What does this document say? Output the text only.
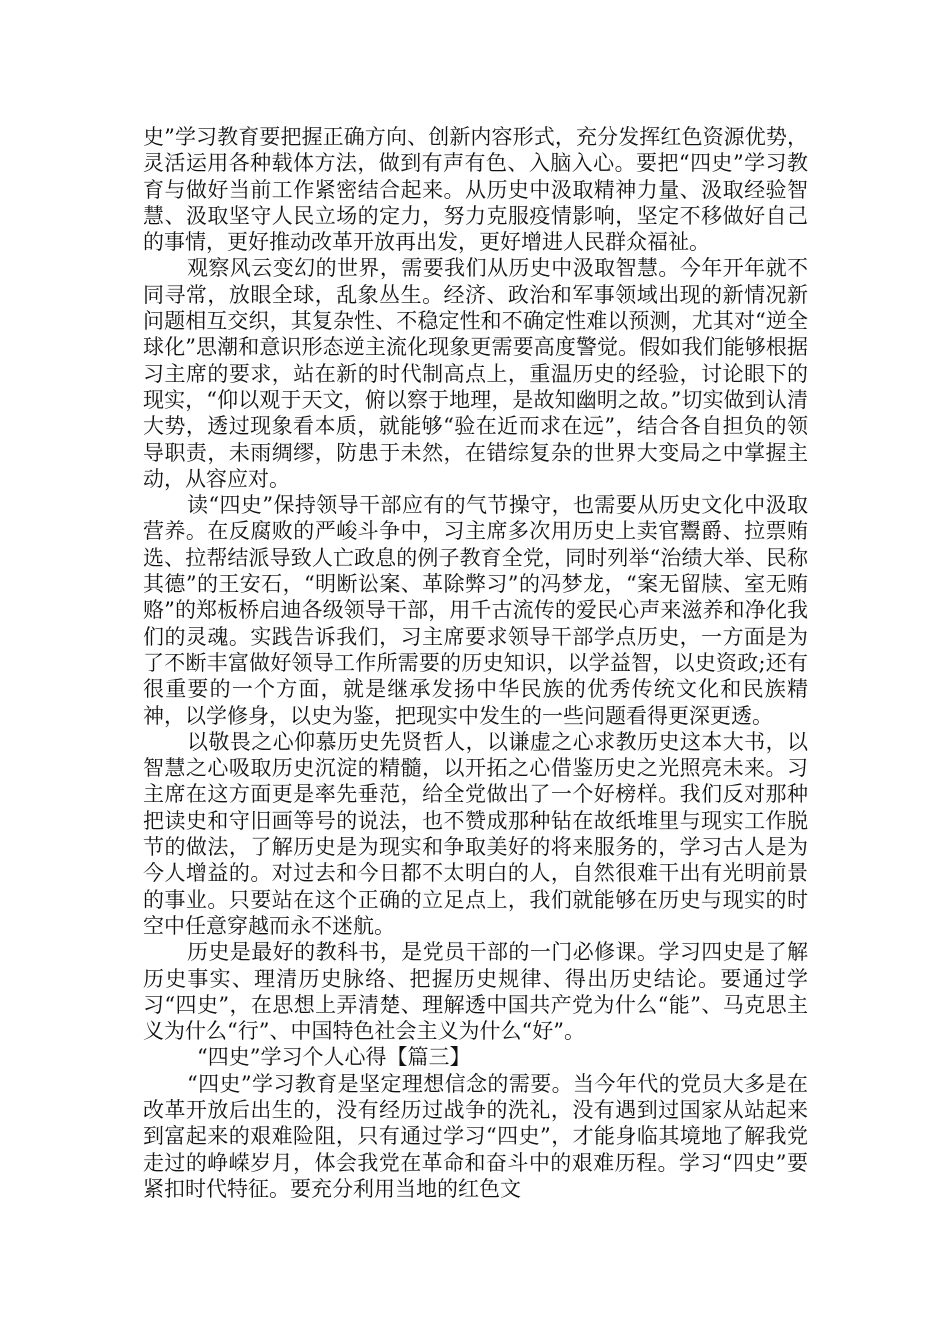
史”学习教育要把握正确方向、创新内容形式，充分发挥红色资源优势，灵活运用各种载体方法，做到有声有色、入脑入心。要把“四史”学习教育与做好当前工作紧密结合起来。从历史中汲取精神力量、汲取经验智慧、汲取坚守人民立场的定力，努力克服疫情影响，坚定不移做好自己的事情，更好推动改革开放再出发，更好增进人民群众福祉。

观察风云变幻的世界，需要我们从历史中汲取智慧。今年开年就不同寻常，放眼全球，乱象丛生。经济、政治和军事领域出现的新情况新问题相互交织，其复杂性、不稳定性和不确定性难以预测，尤其对“逆全球化”思潮和意识形态逆主流化现象更需要高度警觉。假如我们能够根据习主席的要求，站在新的时代制高点上，重温历史的经验，讨论眼下的现实，“仰以观于天文，俯以察于地理，是故知幽明之故。”切实做到认清大势，透过现象看本质，就能够“验在近而求在远”，结合各自担负的领导职责，未雨绸缪，防患于未然，在错综复杂的世界大变局之中掌握主动，从容应对。

读“四史”保持领导干部应有的气节操守，也需要从历史文化中汲取营养。在反腐败的严峻斗争中，习主席多次用历史上卖官鬻爵、拉票贿选、拉帮结派导致人亡政息的例子教育全党，同时列举“治绩大举、民称其德”的王安石，“明断讼案、革除弊习”的冯梦龙，“案无留牍、室无贿赂”的郑板桥启迪各级领导干部，用千古流传的爱民心声来滋养和净化我们的灵魂。实践告诉我们，习主席要求领导干部学点历史，一方面是为了不断丰富做好领导工作所需要的历史知识，以学益智，以史资政;还有很重要的一个方面，就是继承发扬中华民族的优秀传统文化和民族精神，以学修身，以史为鉴，把现实中发生的一些问题看得更深更透。

以敬畏之心仰慕历史先贤哲人，以谦虚之心求教历史这本大书，以智慧之心吸取历史沉淀的精髓，以开拓之心借鉴历史之光照亮未来。习主席在这方面更是率先垂范，给全党做出了一个好榜样。我们反对那种把读史和守旧画等号的说法，也不赞成那种钻在故纸堆里与现实工作脱节的做法，了解历史是为现实和争取美好的将来服务的，学习古人是为今人增益的。对过去和今日都不太明白的人，自然很难干出有光明前景的事业。只要站在这个正确的立足点上，我们就能够在历史与现实的时空中任意穿越而永不迷航。

历史是最好的教科书，是党员干部的一门必修课。学习四史是了解历史事实、理清历史脉络、把握历史规律、得出历史结论。要通过学习“四史”，在思想上弄清楚、理解透中国共产党为什么“能”、马克思主义为什么“行”、中国特色社会主义为什么“好”。

“四史”学习个人心得【篇三】

“四史”学习教育是坚定理想信念的需要。当今年代的党员大多是在改革开放后出生的，没有经历过战争的洗礼，没有遇到过国家从站起来到富起来的艰难险阻，只有通过学习“四史”，才能身临其境地了解我党走过的峥嵘岁月，体会我党在革命和奋斗中的艰难历程。学习“四史”要紧扣时代特征。要充分利用当地的红色文
